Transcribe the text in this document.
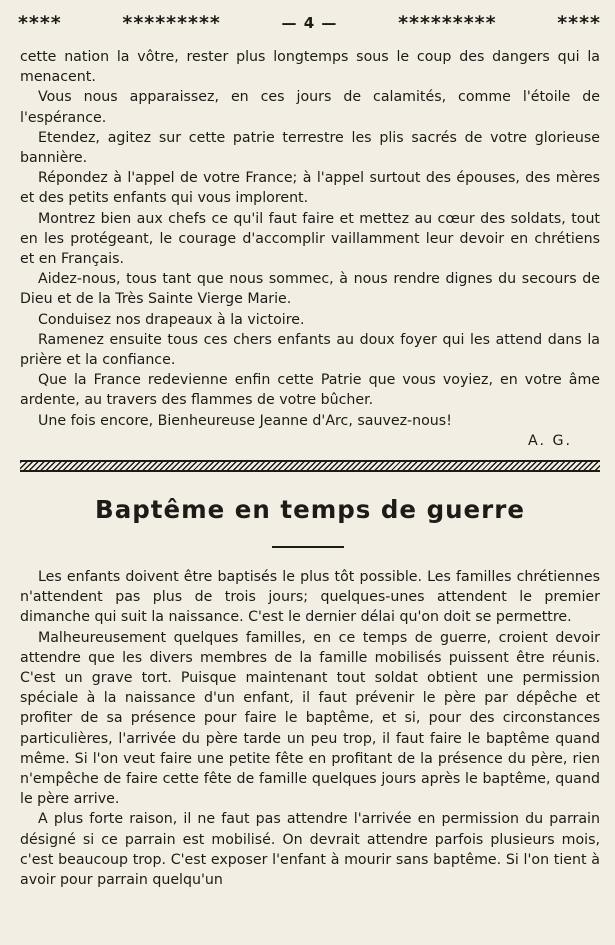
****	*********	— 4 —	*********	****

cette nation la vôtre, rester plus longtemps sous le coup des dangers qui la menacent.

Vous nous apparaissez, en ces jours de calamités, comme l'étoile de l'espérance.

Etendez, agitez sur cette patrie terrestre les plis sacrés de votre glorieuse bannière.

Répondez à l'appel de votre France; à l'appel surtout des épouses, des mères et des petits enfants qui vous implorent.

Montrez bien aux chefs ce qu'il faut faire et mettez au cœur des soldats, tout en les protégeant, le courage d'accomplir vaillamment leur devoir en chrétiens et en Français.

Aidez-nous, tous tant que nous sommec, à nous rendre dignes du secours de Dieu et de la Très Sainte Vierge Marie.

Conduisez nos drapeaux à la victoire.

Ramenez ensuite tous ces chers enfants au doux foyer qui les attend dans la prière et la confiance.

Que la France redevienne enfin cette Patrie que vous voyiez, en votre âme ardente, au travers des flammes de votre bûcher.

Une fois encore, Bienheureuse Jeanne d'Arc, sauvez-nous!

A. G.

Baptême en temps de guerre

Les enfants doivent être baptisés le plus tôt possible. Les familles chrétiennes n'attendent pas plus de trois jours; quelques-unes attendent le premier dimanche qui suit la naissance. C'est le dernier délai qu'on doit se permettre.

Malheureusement quelques familles, en ce temps de guerre, croient devoir attendre que les divers membres de la famille mobilisés puissent être réunis. C'est un grave tort. Puisque maintenant tout soldat obtient une permission spéciale à la naissance d'un enfant, il faut prévenir le père par dépêche et profiter de sa présence pour faire le baptême, et si, pour des circonstances particulières, l'arrivée du père tarde un peu trop, il faut faire le baptême quand même. Si l'on veut faire une petite fête en profitant de la présence du père, rien n'empêche de faire cette fête de famille quelques jours après le baptême, quand le père arrive.

A plus forte raison, il ne faut pas attendre l'arrivée en permission du parrain désigné si ce parrain est mobilisé. On devrait attendre parfois plusieurs mois, c'est beaucoup trop. C'est exposer l'enfant à mourir sans baptême. Si l'on tient à avoir pour parrain quelqu'un
